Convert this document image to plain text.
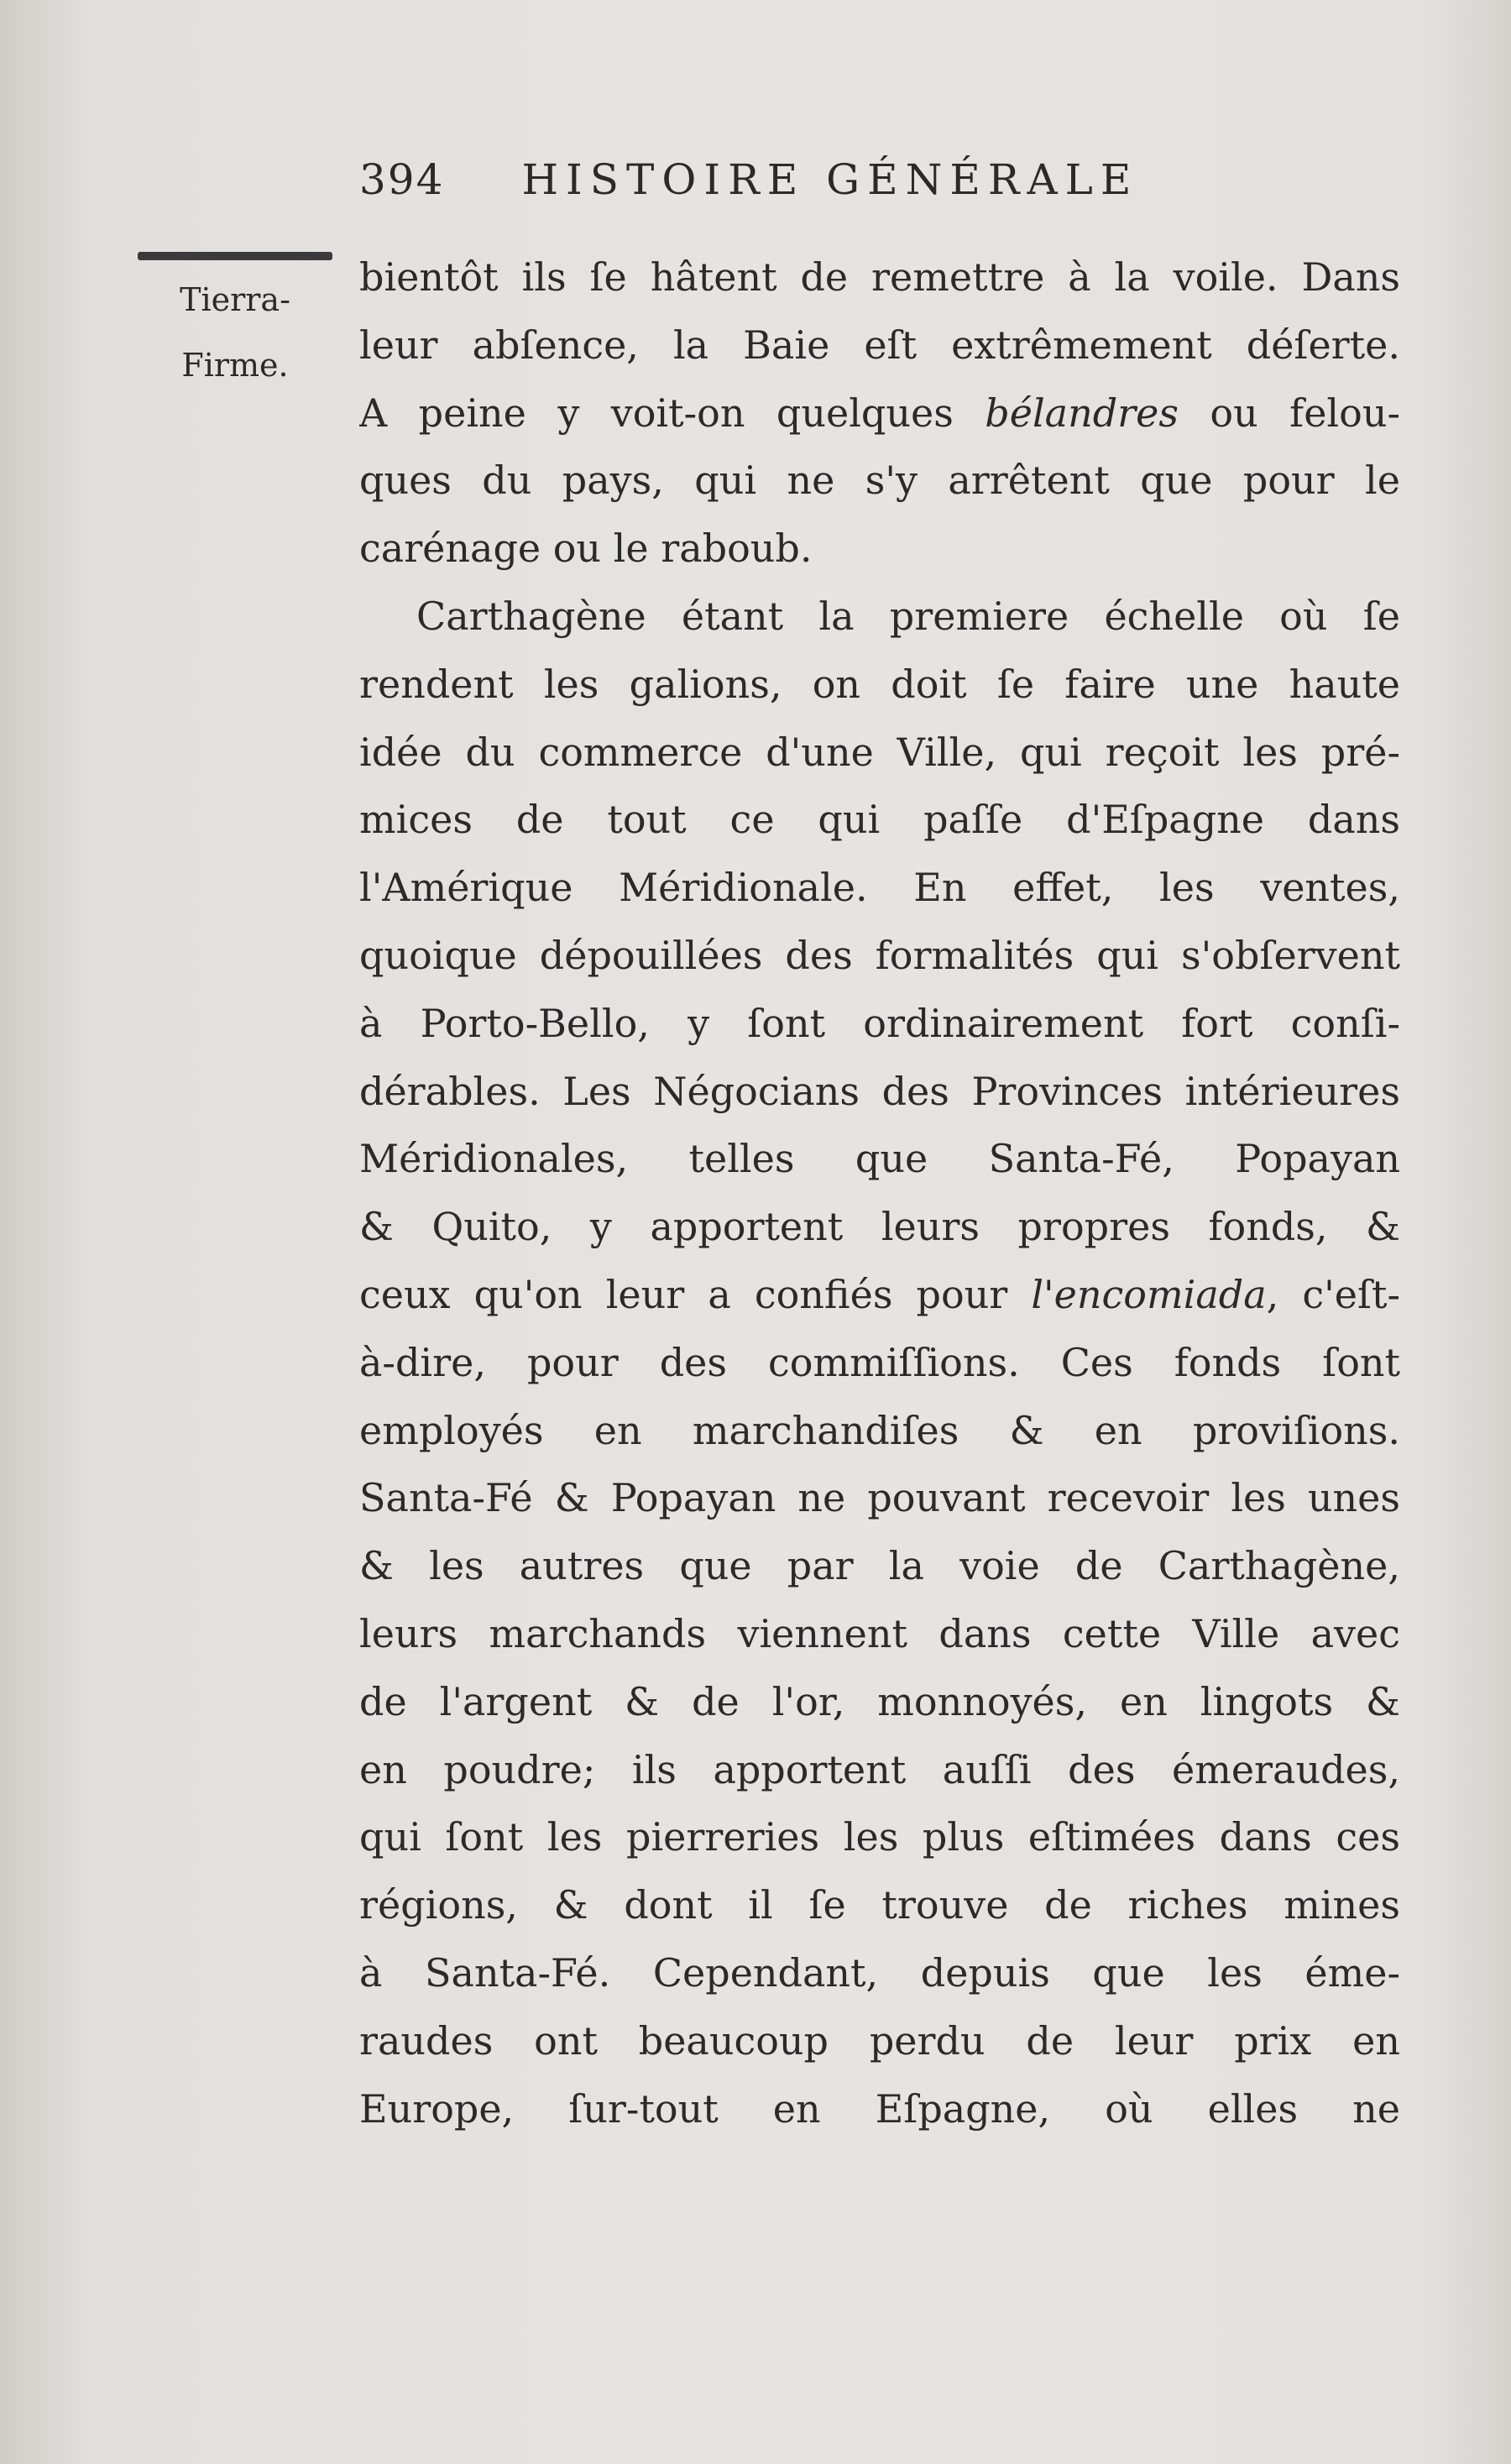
394 HISTOIRE GÉNÉRALE
Tierra-
Firme.
bientôt ils ſe hâtent de remettre à la voile. Dans
leur abſence, la Baie eſt extrêmement déſerte.
A peine y voit-on quelques bélandres ou felou-
ques du pays, qui ne s'y arrêtent que pour le
carénage ou le raboub.
Carthagène étant la premiere échelle où ſe
rendent les galions, on doit ſe faire une haute
idée du commerce d'une Ville, qui reçoit les pré-
mices de tout ce qui paſſe d'Eſpagne dans
l'Amérique Méridionale. En effet, les ventes,
quoique dépouillées des formalités qui s'obſervent
à Porto-Bello, y ſont ordinairement fort conſi-
dérables. Les Négocians des Provinces intérieures
Méridionales, telles que Santa-Fé, Popayan
& Quito, y apportent leurs propres fonds, &
ceux qu'on leur a confiés pour l'encomiada, c'eſt-
à-dire, pour des commiſſions. Ces fonds ſont
employés en marchandiſes & en proviſions.
Santa-Fé & Popayan ne pouvant recevoir les unes
& les autres que par la voie de Carthagène,
leurs marchands viennent dans cette Ville avec
de l'argent & de l'or, monnoyés, en lingots &
en poudre; ils apportent auſſi des émeraudes,
qui ſont les pierreries les plus eſtimées dans ces
régions, & dont il ſe trouve de riches mines
à Santa-Fé. Cependant, depuis que les éme-
raudes ont beaucoup perdu de leur prix en
Europe, ſur-tout en Eſpagne, où elles ne
